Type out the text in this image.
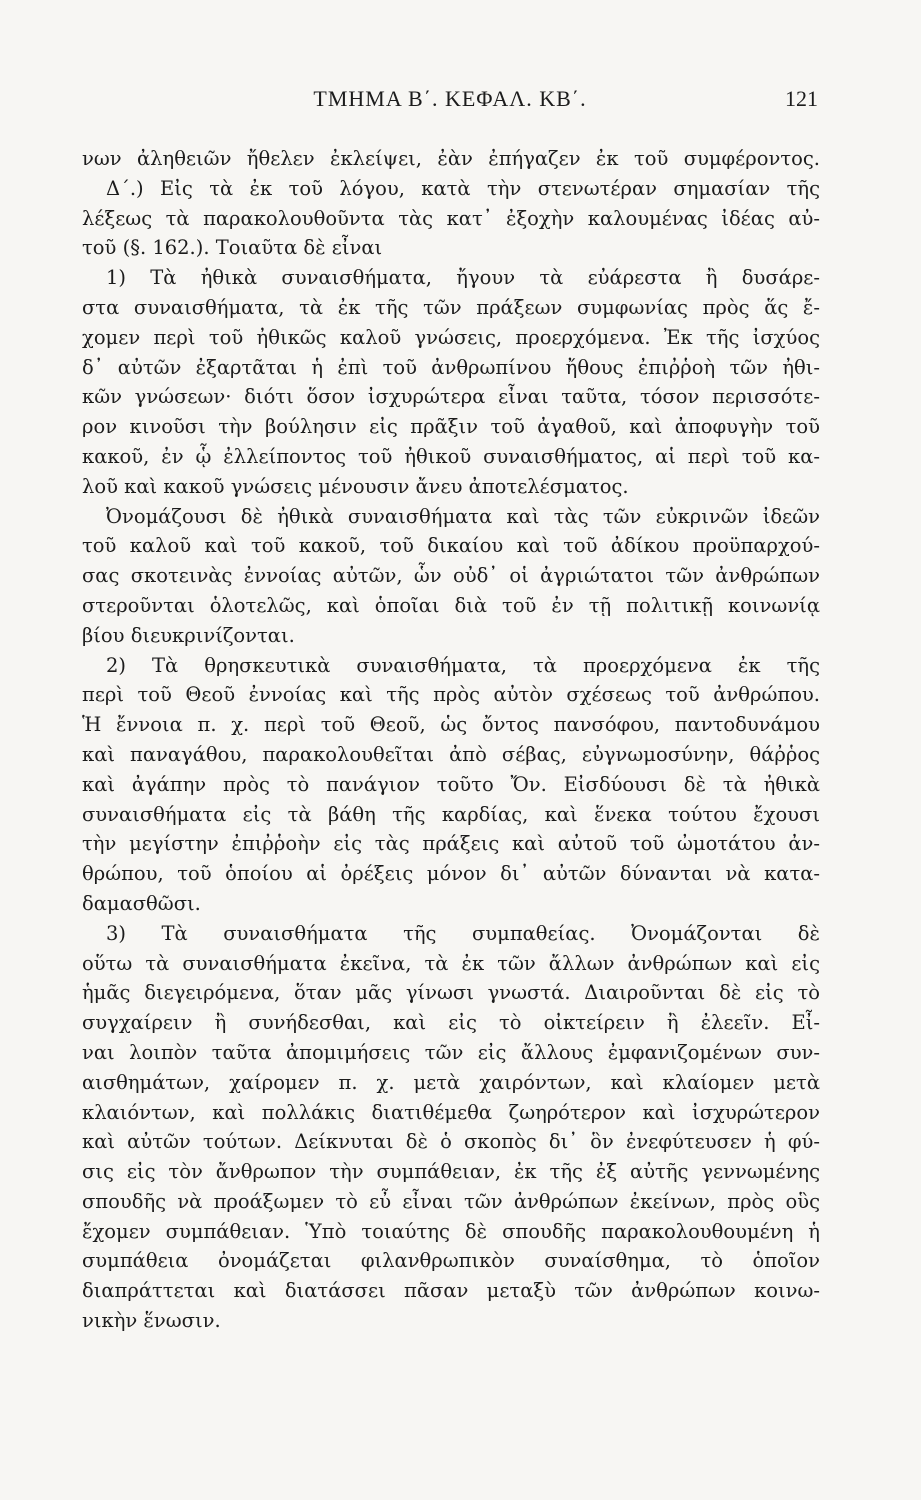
ΤΜΗΜΑ Β΄. ΚΕΦΑΛ. ΚΒ΄.	121
νων ἀληθειῶν ἤθελεν ἐκλείψει, ἐὰν ἐπήγαζεν ἐκ τοῦ συμφέροντος.
Δ΄.) Εἰς τὰ ἐκ τοῦ λόγου, κατὰ τὴν στενωτέραν σημασίαν τῆς
λέξεως τὰ παρακολουθοῦντα τὰς κατ᾽ ἐξοχὴν καλουμένας ἰδέας αὐ-
τοῦ (§. 162.). Τοιαῦτα δὲ εἶναι
1) Τὰ ἠθικὰ συναισθήματα, ἤγουν τὰ εὐάρεστα ἢ δυσάρε-
στα συναισθήματα, τὰ ἐκ τῆς τῶν πράξεων συμφωνίας πρὸς ἅς ἔ-
χομεν περὶ τοῦ ἠθικῶς καλοῦ γνώσεις, προερχόμενα. Ἐκ τῆς ἰσχύος
δ᾽ αὐτῶν ἐξαρτᾶται ἡ ἐπὶ τοῦ ἀνθρωπίνου ἤθους ἐπιῤῥοὴ τῶν ἠθι-
κῶν γνώσεων· διότι ὅσον ἰσχυρώτερα εἶναι ταῦτα, τόσον περισσότε-
ρον κινοῦσι τὴν βούλησιν εἰς πρᾶξιν τοῦ ἀγαθοῦ, καὶ ἀποφυγὴν τοῦ
κακοῦ, ἐν ᾧ ἐλλείποντος τοῦ ἠθικοῦ συναισθήματος, αἱ περὶ τοῦ κα-
λοῦ καὶ κακοῦ γνώσεις μένουσιν ἄνευ ἀποτελέσματος.
Ὀνομάζουσι δὲ ἠθικὰ συναισθήματα καὶ τὰς τῶν εὐκρινῶν ἰδεῶν
τοῦ καλοῦ καὶ τοῦ κακοῦ, τοῦ δικαίου καὶ τοῦ ἀδίκου προϋπαρχού-
σας σκοτεινὰς ἐννοίας αὐτῶν, ὧν οὐδ᾽ οἱ ἀγριώτατοι τῶν ἀνθρώπων
στεροῦνται ὁλοτελῶς, καὶ ὁποῖαι διὰ τοῦ ἐν τῇ πολιτικῇ κοινωνίᾳ
βίου διευκρινίζονται.
2) Τὰ θρησκευτικὰ συναισθήματα, τὰ προερχόμενα ἐκ τῆς
περὶ τοῦ Θεοῦ ἐννοίας καὶ τῆς πρὸς αὐτὸν σχέσεως τοῦ ἀνθρώπου.
Ἡ ἔννοια π. χ. περὶ τοῦ Θεοῦ, ὡς ὄντος πανσόφου, παντοδυνάμου
καὶ παναγάθου, παρακολουθεῖται ἀπὸ σέβας, εὐγνωμοσύνην, θάῤῥος
καὶ ἀγάπην πρὸς τὸ πανάγιον τοῦτο Ὄν. Εἰσδύουσι δὲ τὰ ἠθικὰ
συναισθήματα εἰς τὰ βάθη τῆς καρδίας, καὶ ἕνεκα τούτου ἔχουσι
τὴν μεγίστην ἐπιῤῥοὴν εἰς τὰς πράξεις καὶ αὐτοῦ τοῦ ὠμοτάτου ἀν-
θρώπου, τοῦ ὁποίου αἱ ὀρέξεις μόνον δι᾽ αὐτῶν δύνανται νὰ κατα-
δαμασθῶσι.
3) Τὰ συναισθήματα τῆς συμπαθείας. Ὀνομάζονται δὲ
οὕτω τὰ συναισθήματα ἐκεῖνα, τὰ ἐκ τῶν ἄλλων ἀνθρώπων καὶ εἰς
ἡμᾶς διεγειρόμενα, ὅταν μᾶς γίνωσι γνωστά. Διαιροῦνται δὲ εἰς τὸ
συγχαίρειν ἢ συνήδεσθαι, καὶ εἰς τὸ οἰκτείρειν ἢ ἐλεεῖν. Εἶ-
ναι λοιπὸν ταῦτα ἀπομιμήσεις τῶν εἰς ἄλλους ἐμφανιζομένων συν-
αισθημάτων, χαίρομεν π. χ. μετὰ χαιρόντων, καὶ κλαίομεν μετὰ
κλαιόντων, καὶ πολλάκις διατιθέμεθα ζωηρότερον καὶ ἰσχυρώτερον
καὶ αὐτῶν τούτων. Δείκνυται δὲ ὁ σκοπὸς δι᾽ ὃν ἐνεφύτευσεν ἡ φύ-
σις εἰς τὸν ἄνθρωπον τὴν συμπάθειαν, ἐκ τῆς ἐξ αὐτῆς γεννωμένης
σπουδῆς νὰ προάξωμεν τὸ εὖ εἶναι τῶν ἀνθρώπων ἐκείνων, πρὸς οὓς
ἔχομεν συμπάθειαν. Ὑπὸ τοιαύτης δὲ σπουδῆς παρακολουθουμένη ἡ
συμπάθεια ὀνομάζεται φιλανθρωπικὸν συναίσθημα, τὸ ὁποῖον
διαπράττεται καὶ διατάσσει πᾶσαν μεταξὺ τῶν ἀνθρώπων κοινω-
νικὴν ἕνωσιν.
